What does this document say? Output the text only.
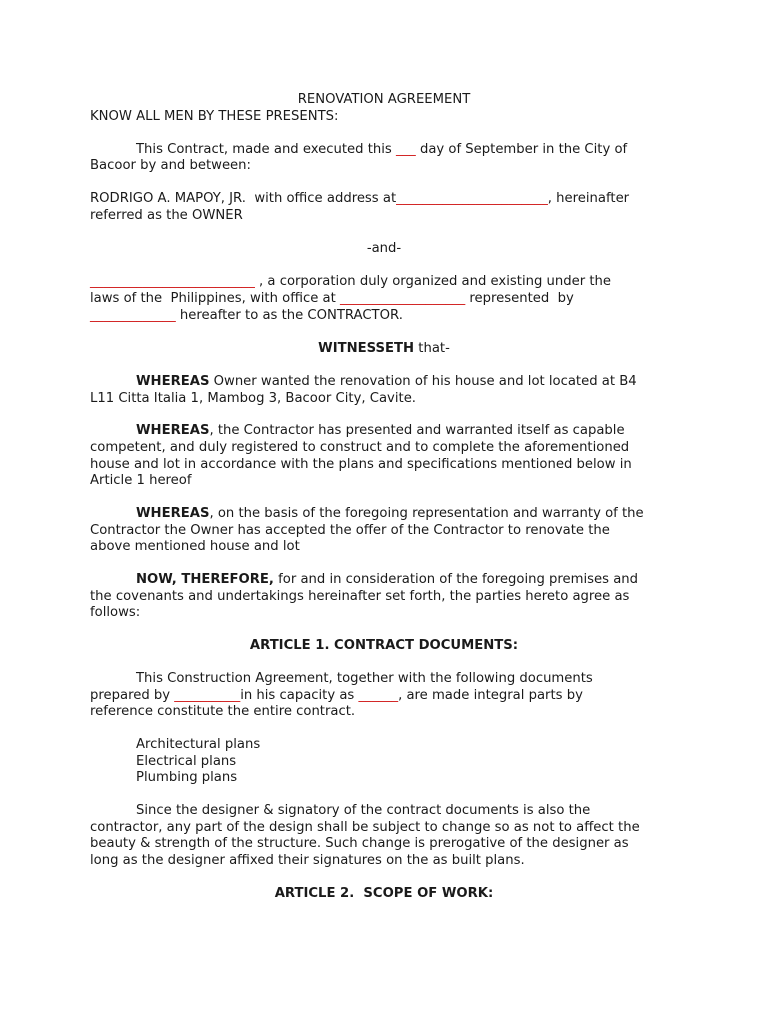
RENOVATION AGREEMENT
KNOW ALL MEN BY THESE PRESENTS:
This Contract, made and executed this ___ day of September in the City of
Bacoor by and between:
RODRIGO A. MAPOY, JR.  with office address at_______________________, hereinafter
referred as the OWNER
-and-
_________________________ , a corporation duly organized and existing under the
laws of the  Philippines, with office at ___________________ represented  by
_____________ hereafter to as the CONTRACTOR.
WITNESSETH that-
WHEREAS Owner wanted the renovation of his house and lot located at B4
L11 Citta Italia 1, Mambog 3, Bacoor City, Cavite.
WHEREAS, the Contractor has presented and warranted itself as capable
competent, and duly registered to construct and to complete the aforementioned
house and lot in accordance with the plans and specifications mentioned below in
Article 1 hereof
WHEREAS, on the basis of the foregoing representation and warranty of the
Contractor the Owner has accepted the offer of the Contractor to renovate the
above mentioned house and lot
NOW, THEREFORE, for and in consideration of the foregoing premises and
the covenants and undertakings hereinafter set forth, the parties hereto agree as
follows:
ARTICLE 1. CONTRACT DOCUMENTS:
This Construction Agreement, together with the following documents
prepared by __________in his capacity as ______, are made integral parts by
reference constitute the entire contract.
Architectural plans
Electrical plans
Plumbing plans
Since the designer & signatory of the contract documents is also the
contractor, any part of the design shall be subject to change so as not to affect the
beauty & strength of the structure. Such change is prerogative of the designer as
long as the designer affixed their signatures on the as built plans.
ARTICLE 2.  SCOPE OF WORK:
